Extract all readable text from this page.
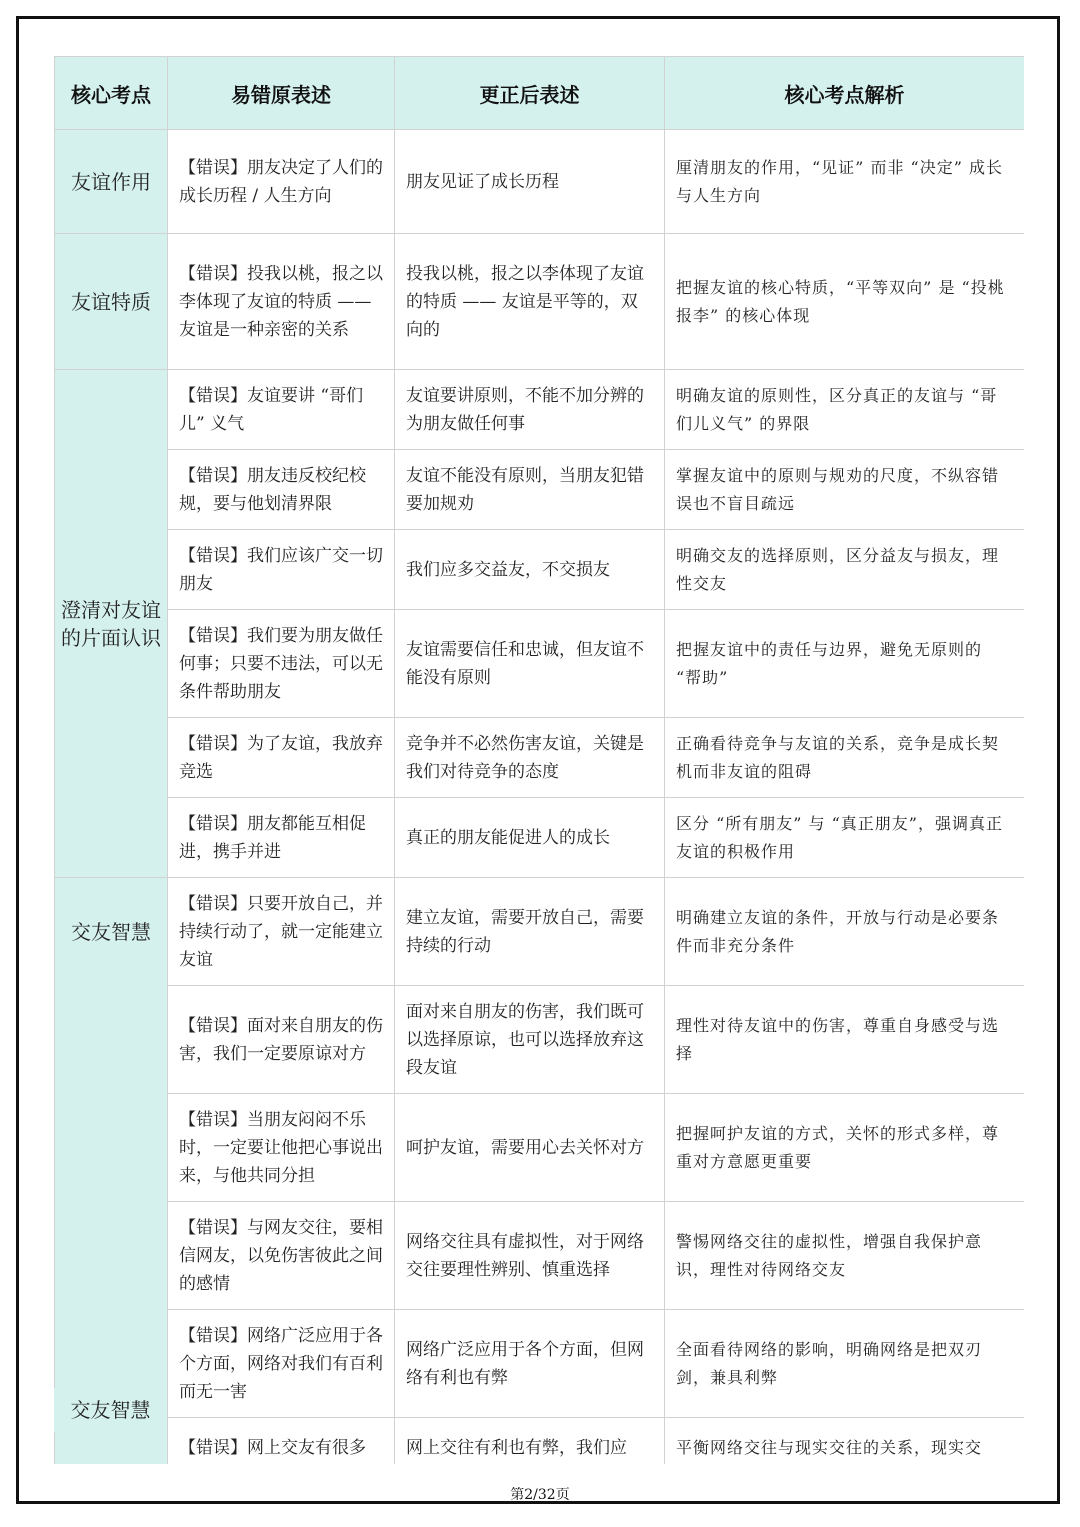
核心考点	易错原表述	更正后表述	核心考点解析
友谊作用	【错误】朋友决定了人们的成长历程 / 人生方向	朋友见证了成长历程	厘清朋友的作用，“见证” 而非 “决定” 成长与人生方向
友谊特质	【错误】投我以桃，报之以李体现了友谊的特质 —— 友谊是一种亲密的关系	投我以桃，报之以李体现了友谊的特质 —— 友谊是平等的，双向的	把握友谊的核心特质，“平等双向” 是 “投桃报李” 的核心体现
澄清对友谊的片面认识	【错误】友谊要讲 “哥们儿” 义气	友谊要讲原则，不能不加分辨的为朋友做任何事	明确友谊的原则性，区分真正的友谊与 “哥们儿义气” 的界限
	【错误】朋友违反校纪校规，要与他划清界限	友谊不能没有原则，当朋友犯错要加规劝	掌握友谊中的原则与规劝的尺度，不纵容错误也不盲目疏远
	【错误】我们应该广交一切朋友	我们应多交益友，不交损友	明确交友的选择原则，区分益友与损友，理性交友
	【错误】我们要为朋友做任何事；只要不违法，可以无条件帮助朋友	友谊需要信任和忠诚，但友谊不能没有原则	把握友谊中的责任与边界，避免无原则的 “帮助”
	【错误】为了友谊，我放弃竞选	竞争并不必然伤害友谊，关键是我们对待竞争的态度	正确看待竞争与友谊的关系，竞争是成长契机而非友谊的阻碍
	【错误】朋友都能互相促进，携手并进	真正的朋友能促进人的成长	区分 “所有朋友” 与 “真正朋友”，强调真正友谊的积极作用
交友智慧	【错误】只要开放自己，并持续行动了，就一定能建立友谊	建立友谊，需要开放自己，需要持续的行动	明确建立友谊的条件，开放与行动是必要条件而非充分条件
	【错误】面对来自朋友的伤害，我们一定要原谅对方	面对来自朋友的伤害，我们既可以选择原谅，也可以选择放弃这段友谊	理性对待友谊中的伤害，尊重自身感受与选择
	【错误】当朋友闷闷不乐时，一定要让他把心事说出来，与他共同分担	呵护友谊，需要用心去关怀对方	把握呵护友谊的方式，关怀的形式多样，尊重对方意愿更重要
	【错误】与网友交往，要相信网友，以免伤害彼此之间的感情	网络交往具有虚拟性，对于网络交往要理性辨别、慎重选择	警惕网络交往的虚拟性，增强自我保护意识，理性对待网络交友
	【错误】网络广泛应用于各个方面，网络对我们有百利而无一害	网络广泛应用于各个方面，但网络有利也有弊	全面看待网络的影响，明确网络是把双刃剑，兼具利弊
	【错误】网上交友有很多	网上交往有利也有弊，我们应	平衡网络交往与现实交往的关系，现实交
交友智慧
第2/32页
